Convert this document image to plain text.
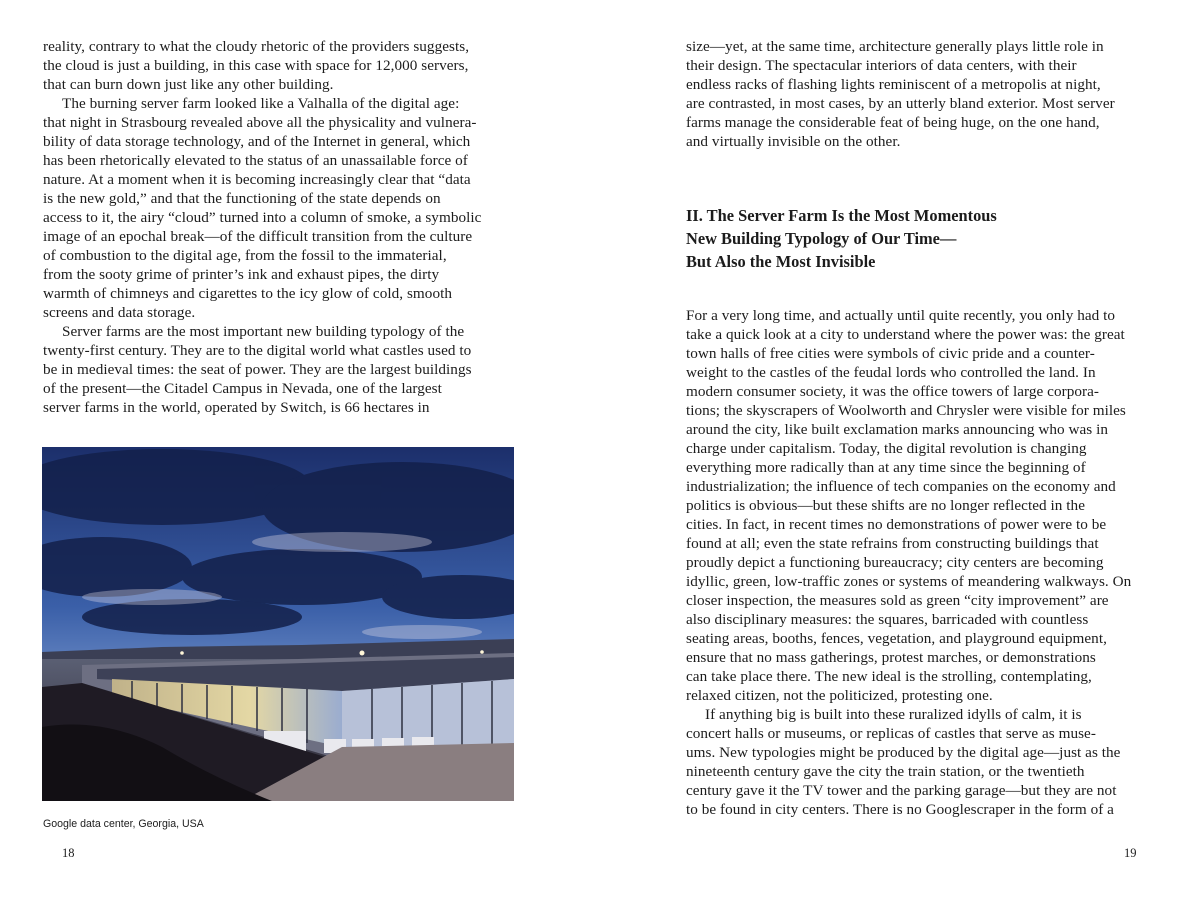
reality, contrary to what the cloudy rhetoric of the providers suggests,
the cloud is just a building, in this case with space for 12,000 servers,
that can burn down just like any other building.
The burning server farm looked like a Valhalla of the digital age:
that night in Strasbourg revealed above all the physicality and vulnera-
bility of data storage technology, and of the Internet in general, which
has been rhetorically elevated to the status of an unassailable force of
nature. At a moment when it is becoming increasingly clear that “data
is the new gold,” and that the functioning of the state depends on
access to it, the airy “cloud” turned into a column of smoke, a symbolic
image of an epochal break—of the difficult transition from the culture
of combustion to the digital age, from the fossil to the immaterial,
from the sooty grime of printer’s ink and exhaust pipes, the dirty
warmth of chimneys and cigarettes to the icy glow of cold, smooth
screens and data storage.
Server farms are the most important new building typology of the
twenty-first century. They are to the digital world what castles used to
be in medieval times: the seat of power. They are the largest buildings
of the present—the Citadel Campus in Nevada, one of the largest
server farms in the world, operated by Switch, is 66 hectares in
Google data center, Georgia, USA
18
size—yet, at the same time, architecture generally plays little role in
their design. The spectacular interiors of data centers, with their
endless racks of flashing lights reminiscent of a metropolis at night,
are contrasted, in most cases, by an utterly bland exterior. Most server
farms manage the considerable feat of being huge, on the one hand,
and virtually invisible on the other.
II. The Server Farm Is the Most Momentous
New Building Typology of Our Time—
But Also the Most Invisible
For a very long time, and actually until quite recently, you only had to
take a quick look at a city to understand where the power was: the great
town halls of free cities were symbols of civic pride and a counter-
weight to the castles of the feudal lords who controlled the land. In
modern consumer society, it was the office towers of large corpora-
tions; the skyscrapers of Woolworth and Chrysler were visible for miles
around the city, like built exclamation marks announcing who was in
charge under capitalism. Today, the digital revolution is changing
everything more radically than at any time since the beginning of
industrialization; the influence of tech companies on the economy and
politics is obvious—but these shifts are no longer reflected in the
cities. In fact, in recent times no demonstrations of power were to be
found at all; even the state refrains from constructing buildings that
proudly depict a functioning bureaucracy; city centers are becoming
idyllic, green, low-traffic zones or systems of meandering walkways. On
closer inspection, the measures sold as green “city improvement” are
also disciplinary measures: the squares, barricaded with countless
seating areas, booths, fences, vegetation, and playground equipment,
ensure that no mass gatherings, protest marches, or demonstrations
can take place there. The new ideal is the strolling, contemplating,
relaxed citizen, not the politicized, protesting one.
If anything big is built into these ruralized idylls of calm, it is
concert halls or museums, or replicas of castles that serve as muse-
ums. New typologies might be produced by the digital age—just as the
nineteenth century gave the city the train station, or the twentieth
century gave it the TV tower and the parking garage—but they are not
to be found in city centers. There is no Googlescraper in the form of a
19
